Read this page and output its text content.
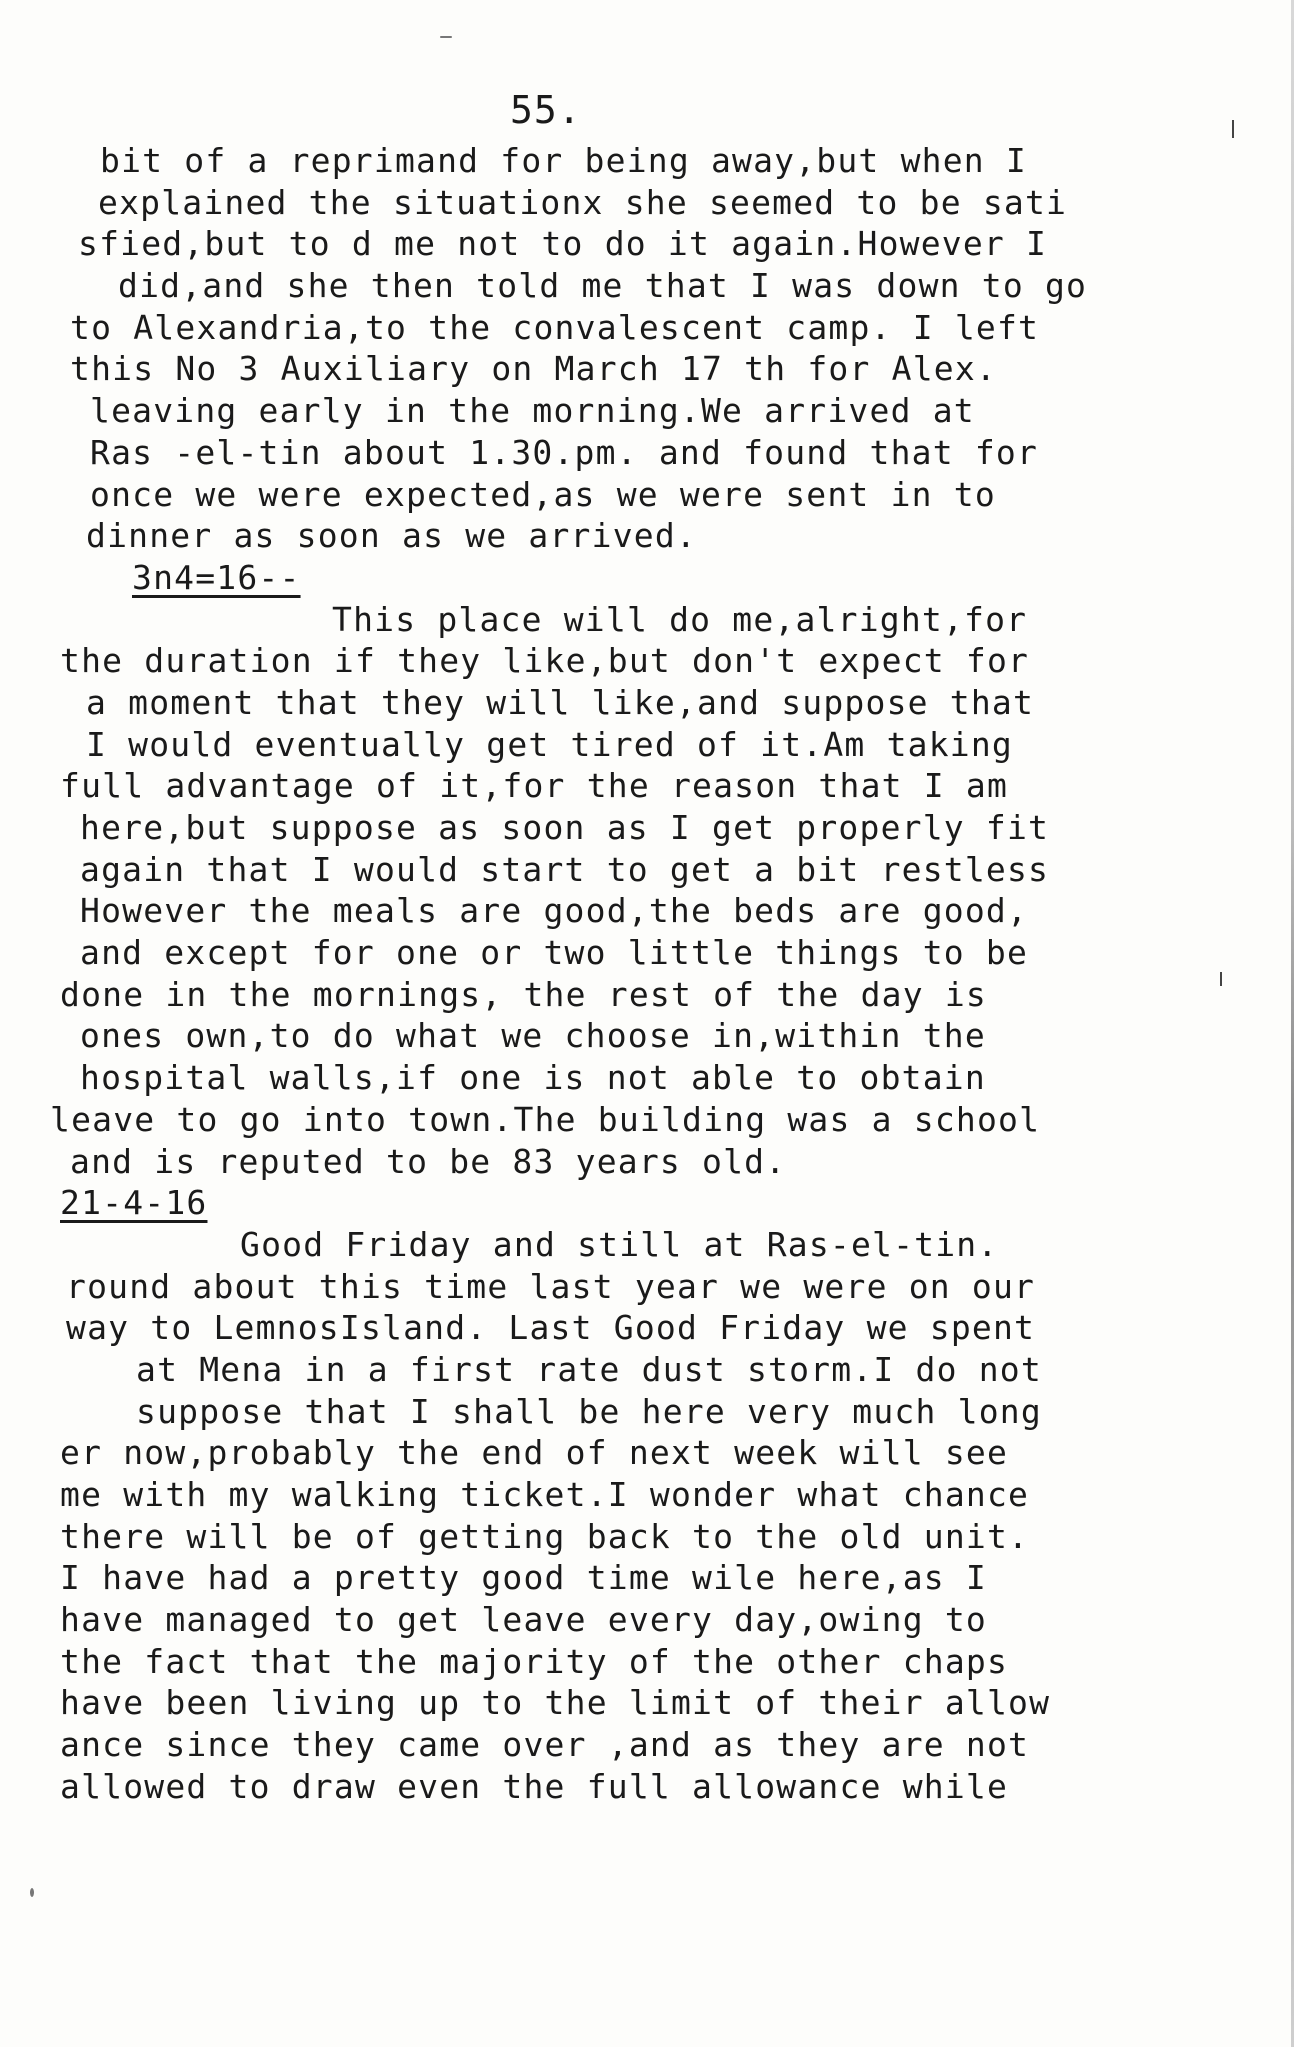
55.
bit of a reprimand for being away,but when I
explained the situationx she seemed to be sati
sfied,but to d me not to do it again.However I
did,and she then told me that I was down to go
to Alexandria,to the convalescent camp. I left
this No 3 Auxiliary on March 17 th for Alex.
leaving early in the morning.We arrived at
Ras -el-tin about 1.30.pm. and found that for
once we were expected,as we were sent in to
dinner as soon as we arrived.
3n4=16--
This place will do me,alright,for
the duration if they like,but don't expect for
a moment that they will like,and suppose that
I would eventually get tired of it.Am taking
full advantage of it,for the reason that I am
here,but suppose as soon as I get properly fit
again that I would start to get a bit restless
However the meals are good,the beds are good,
and except for one or two little things to be
done in the mornings, the rest of the day is
ones own,to do what we choose in,within the
hospital walls,if one is not able to obtain
leave to go into town.The building was a school
and is reputed to be 83 years old.
21-4-16
Good Friday and still at Ras-el-tin.
round about this time last year we were on our
way to LemnosIsland. Last Good Friday we spent
at Mena in a first rate dust storm.I do not
suppose that I shall be here very much long
er now,probably the end of next week will see
me with my walking ticket.I wonder what chance
there will be of getting back to the old unit.
I have had a pretty good time wile here,as I
have managed to get leave every day,owing to
the fact that the majority of the other chaps
have been living up to the limit of their allow
ance since they came over ,and as they are not
allowed to draw even the full allowance while
